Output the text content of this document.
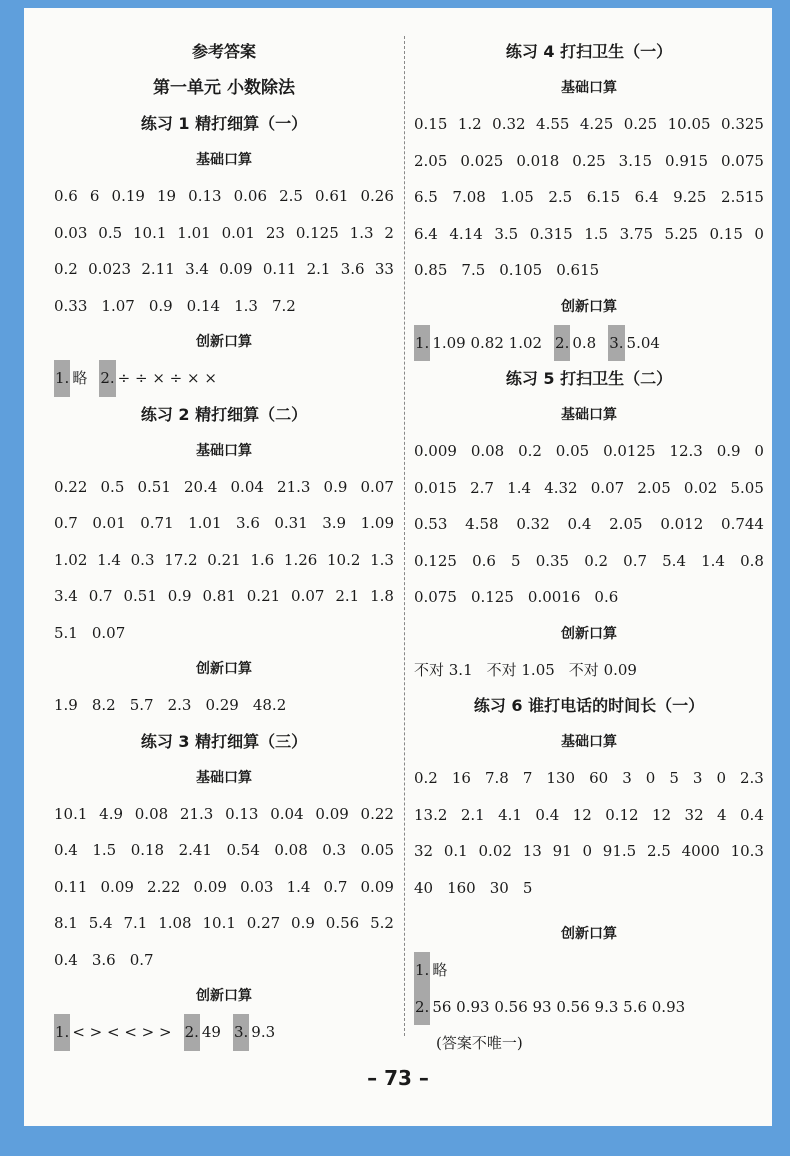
参考答案
第一单元 小数除法
练习 1 精打细算（一）
基础口算
0.6 6 0.19 19 0.13 0.06 2.5 0.61 0.26
0.03 0.5 10.1 1.01 0.01 23 0.125 1.3 2
0.2 0.023 2.11 3.4 0.09 0.11 2.1 3.6 33
0.33 1.07 0.9 0.14 1.3 7.2
创新口算
1. 略 2. ÷ ÷ × ÷ × ×
练习 2 精打细算（二）
基础口算
0.22 0.5 0.51 20.4 0.04 21.3 0.9 0.07
0.7 0.01 0.71 1.01 3.6 0.31 3.9 1.09
1.02 1.4 0.3 17.2 0.21 1.6 1.26 10.2 1.3
3.4 0.7 0.51 0.9 0.81 0.21 0.07 2.1 1.8
5.1 0.07
创新口算
1.9 8.2 5.7 2.3 0.29 48.2
练习 3 精打细算（三）
基础口算
10.1 4.9 0.08 21.3 0.13 0.04 0.09 0.22
0.4 1.5 0.18 2.41 0.54 0.08 0.3 0.05
0.11 0.09 2.22 0.09 0.03 1.4 0.7 0.09
8.1 5.4 7.1 1.08 10.1 0.27 0.9 0.56 5.2
0.4 3.6 0.7
创新口算
1. < > < < > > 2. 49 3. 9.3
练习 4 打扫卫生（一）
基础口算
0.15 1.2 0.32 4.55 4.25 0.25 10.05 0.325
2.05 0.025 0.018 0.25 3.15 0.915 0.075
6.5 7.08 1.05 2.5 6.15 6.4 9.25 2.515
6.4 4.14 3.5 0.315 1.5 3.75 5.25 0.15 0
0.85 7.5 0.105 0.615
创新口算
1. 1.09 0.82 1.02 2. 0.8 3. 5.04
练习 5 打扫卫生（二）
基础口算
0.009 0.08 0.2 0.05 0.0125 12.3 0.9 0
0.015 2.7 1.4 4.32 0.07 2.05 0.02 5.05
0.53 4.58 0.32 0.4 2.05 0.012 0.744
0.125 0.6 5 0.35 0.2 0.7 5.4 1.4 0.8
0.075 0.125 0.0016 0.6
创新口算
不对 3.1 不对 1.05 不对 0.09
练习 6 谁打电话的时间长（一）
基础口算
0.2 16 7.8 7 130 60 3 0 5 3 0 2.3
13.2 2.1 4.1 0.4 12 0.12 12 32 4 0.4
32 0.1 0.02 13 91 0 91.5 2.5 4000 10.3
40 160 30 5
创新口算
1. 略
2. 56 0.93 0.56 93 0.56 9.3 5.6 0.93
(答案不唯一)
– 73 –
